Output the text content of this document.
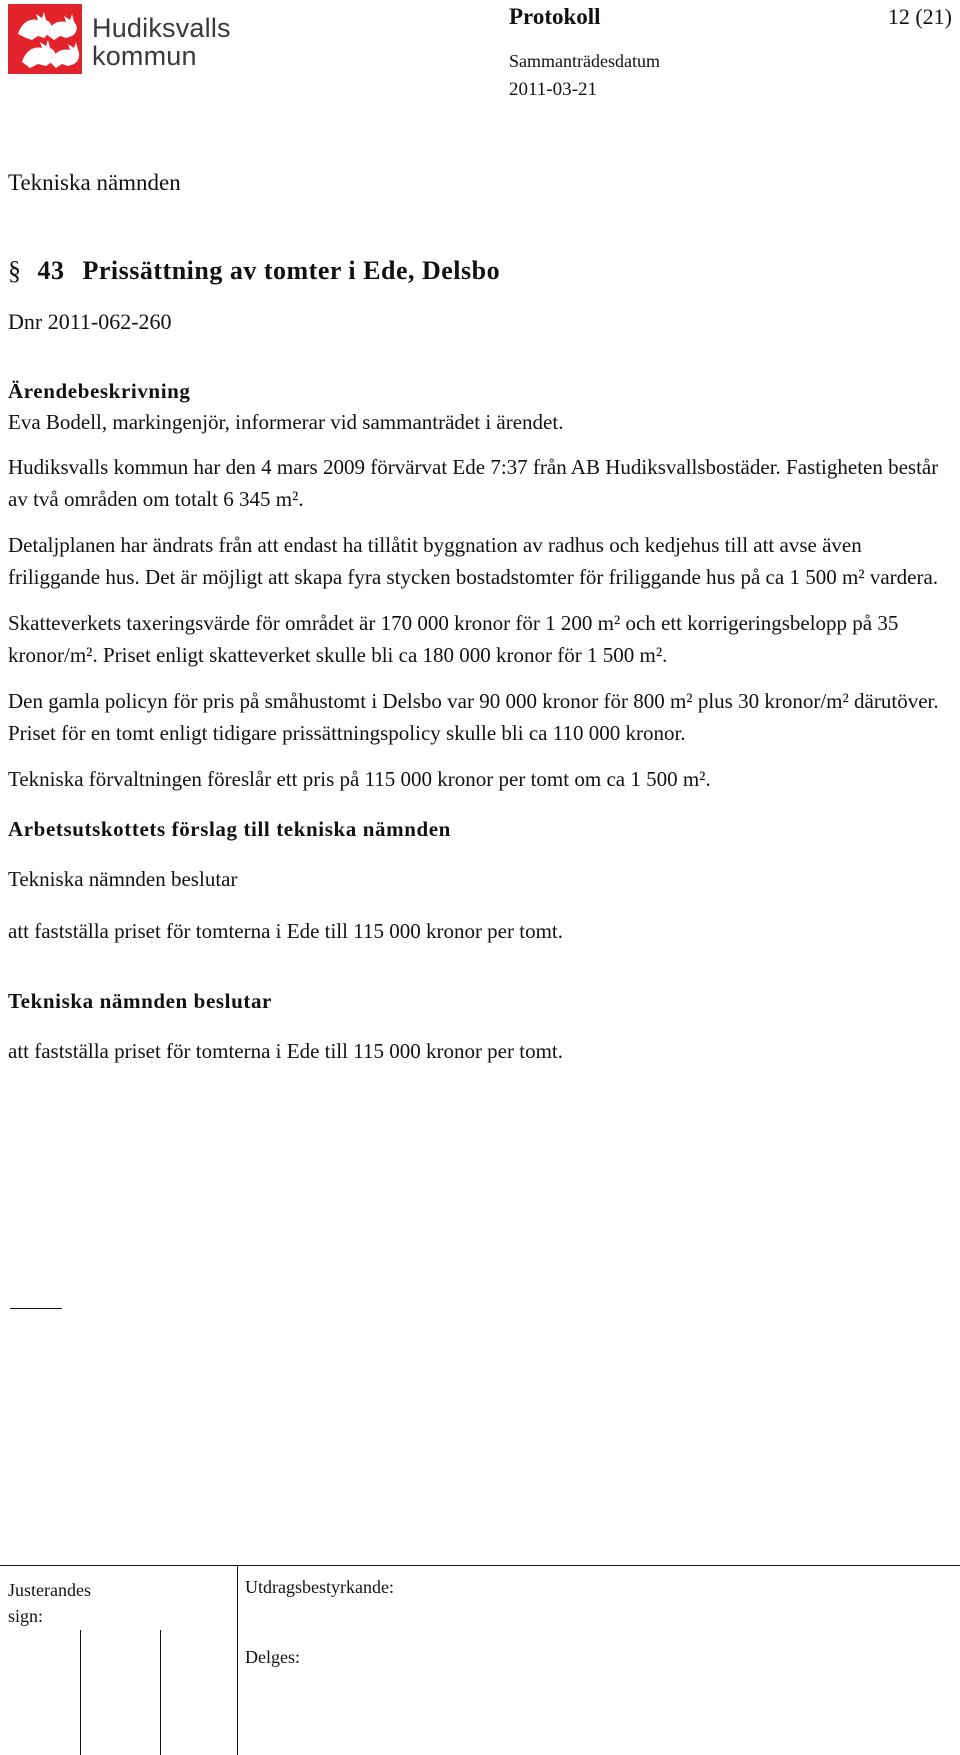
Hudiksvalls
kommun
Protokoll	12 (21)
Sammanträdesdatum
2011-03-21
Tekniska nämnden
§ 43 Prissättning av tomter i Ede, Delsbo
Dnr 2011-062-260
Ärendebeskrivning

Eva Bodell, markingenjör, informerar vid sammanträdet i ärendet.

Hudiksvalls kommun har den 4 mars 2009 förvärvat Ede 7:37 från AB Hudiksvallsbostäder. Fastigheten består av två områden om totalt 6 345 m².

Detaljplanen har ändrats från att endast ha tillåtit byggnation av radhus och kedjehus till att avse även friliggande hus. Det är möjligt att skapa fyra stycken bostadstomter för friliggande hus på ca 1 500 m² vardera.

Skatteverkets taxeringsvärde för området är 170 000 kronor för 1 200 m² och ett korrigeringsbelopp på 35 kronor/m². Priset enligt skatteverket skulle bli ca 180 000 kronor för 1 500 m².

Den gamla policyn för pris på småhustomt i Delsbo var 90 000 kronor för 800 m² plus 30 kronor/m² därutöver. Priset för en tomt enligt tidigare prissättningspolicy skulle bli ca 110 000 kronor.

Tekniska förvaltningen föreslår ett pris på 115 000 kronor per tomt om ca 1 500 m².

Arbetsutskottets förslag till tekniska nämnden

Tekniska nämnden beslutar

att fastställa priset för tomterna i Ede till 115 000 kronor per tomt.

Tekniska nämnden beslutar

att fastställa priset för tomterna i Ede till 115 000 kronor per tomt.

Justerandes sign:
Utdragsbestyrkande:
Delges:
